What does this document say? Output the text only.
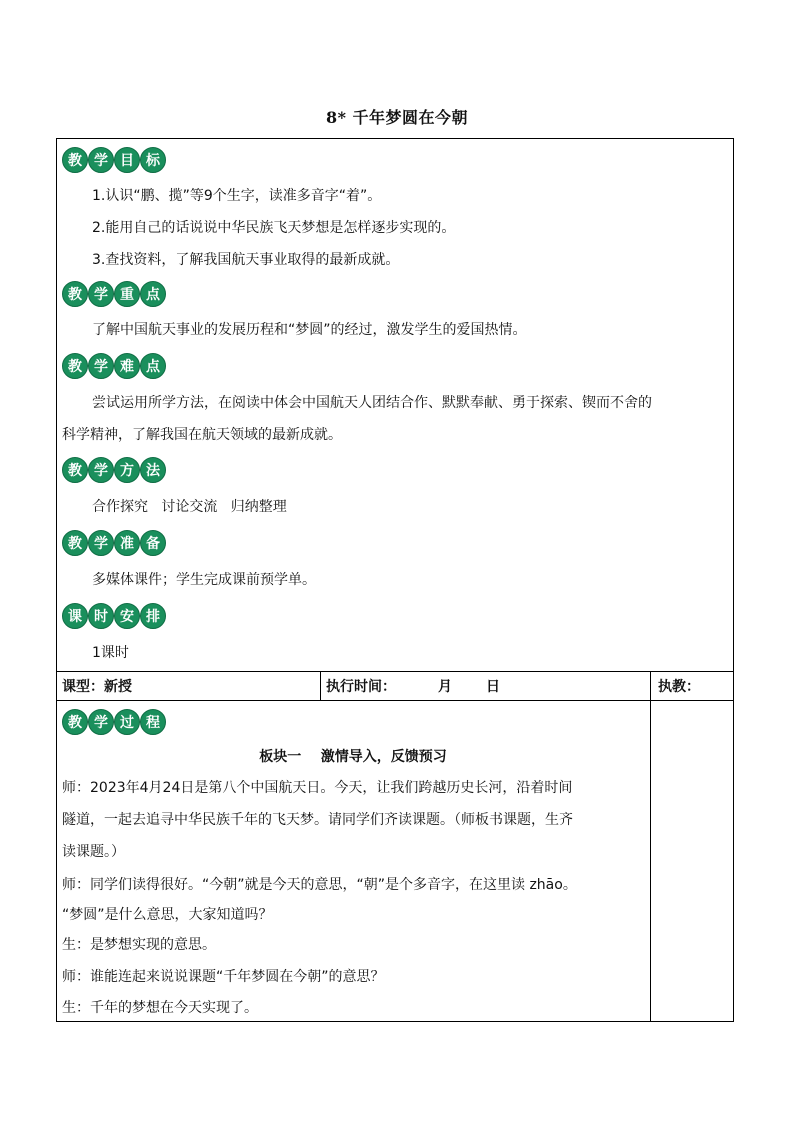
8* 千年梦圆在今朝
教 学 目 标
1.认识“鹏、揽”等9个生字，读准多音字“着”。
2.能用自己的话说说中华民族飞天梦想是怎样逐步实现的。
3.查找资料，了解我国航天事业取得的最新成就。
教 学 重 点
了解中国航天事业的发展历程和“梦圆”的经过，激发学生的爱国热情。
教 学 难 点
尝试运用所学方法，在阅读中体会中国航天人团结合作、默默奉献、勇于探索、锲而不舍的
科学精神，了解我国在航天领域的最新成就。
教 学 方 法
合作探究   讨论交流   归纳整理
教 学 准 备
多媒体课件；学生完成课前预学单。
课 时 安 排
1课时
课型：新授	执行时间：	月 日	执教：
教 学 过 程
板块一    激情导入，反馈预习
师：2023年4月24日是第八个中国航天日。今天，让我们跨越历史长河，沿着时间
隧道，一起去追寻中华民族千年的飞天梦。请同学们齐读课题。（师板书课题，生齐
读课题。）
师：同学们读得很好。“今朝”就是今天的意思，“朝”是个多音字，在这里读 zhāo。
“梦圆”是什么意思，大家知道吗？
生：是梦想实现的意思。
师：谁能连起来说说课题“千年梦圆在今朝”的意思？
生：千年的梦想在今天实现了。
